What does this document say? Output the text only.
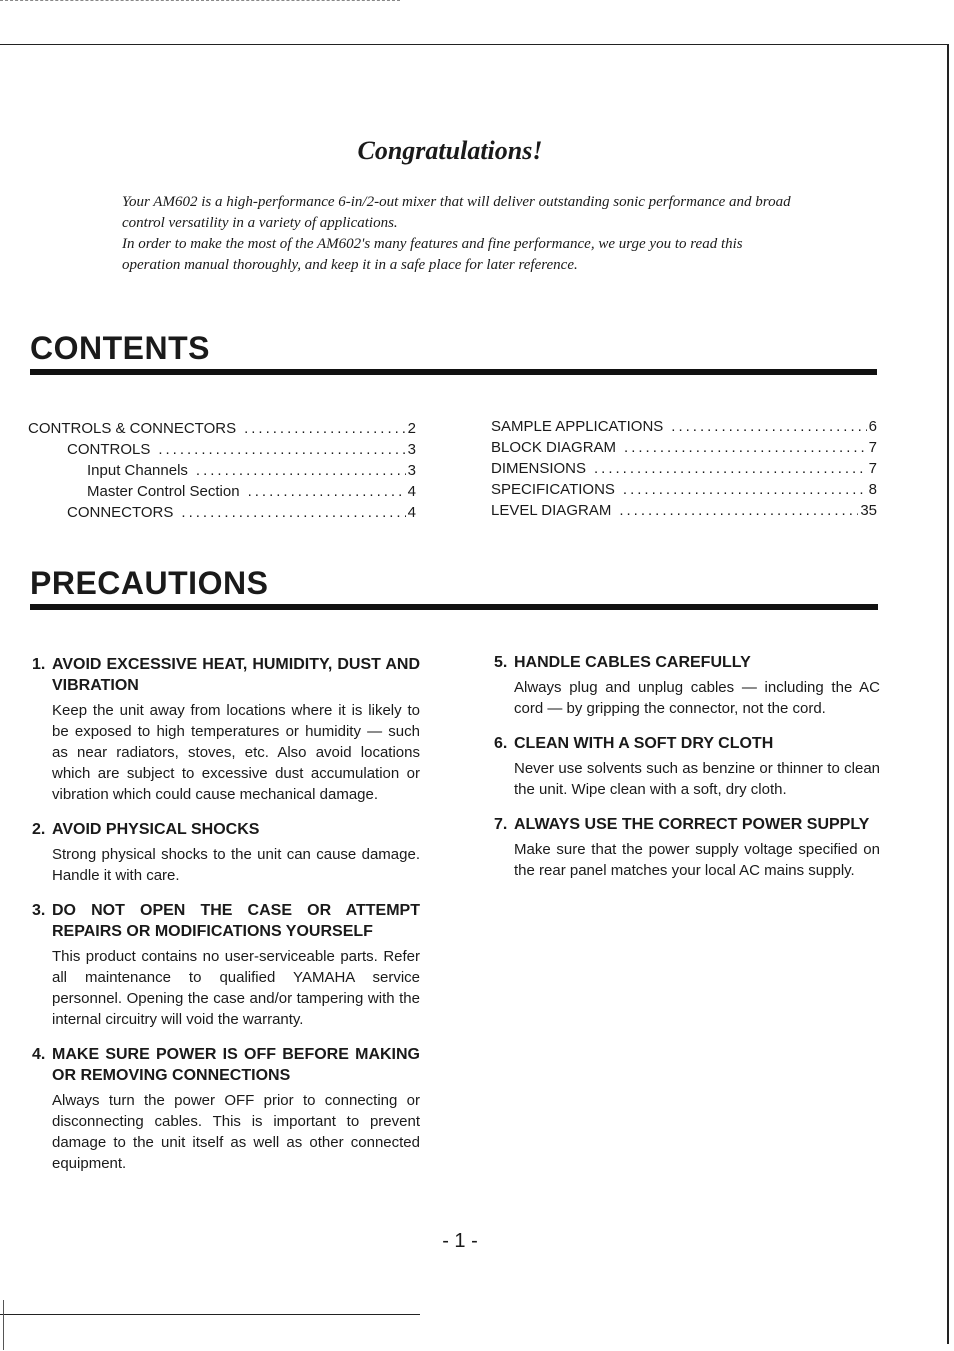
Congratulations!

Your AM602 is a high-performance 6-in/2-out mixer that will deliver outstanding sonic performance and broad control versatility in a variety of applications.

In order to make the most of the AM602's many features and fine performance, we urge you to read this operation manual thoroughly, and keep it in a safe place for later reference.

CONTENTS
CONTROLS & CONNECTORS .....	2
CONTROLS .....	3
Input Channels .....	3
Master Control Section .....	4
CONNECTORS .....	4
SAMPLE APPLICATIONS .....	6
BLOCK DIAGRAM .....	7
DIMENSIONS .....	7
SPECIFICATIONS .....	8
LEVEL DIAGRAM .....	35
PRECAUTIONS
1. AVOID EXCESSIVE HEAT, HUMIDITY, DUST AND VIBRATION
Keep the unit away from locations where it is likely to be exposed to high temperatures or humidity — such as near radiators, stoves, etc. Also avoid locations which are subject to excessive dust accumulation or vibration which could cause mechanical damage.
2. AVOID PHYSICAL SHOCKS
Strong physical shocks to the unit can cause damage. Handle it with care.
3. DO NOT OPEN THE CASE OR ATTEMPT REPAIRS OR MODIFICATIONS YOURSELF
This product contains no user-serviceable parts. Refer all maintenance to qualified YAMAHA service personnel. Opening the case and/or tampering with the internal circuitry will void the warranty.
4. MAKE SURE POWER IS OFF BEFORE MAKING OR REMOVING CONNECTIONS
Always turn the power OFF prior to connecting or disconnecting cables. This is important to prevent damage to the unit itself as well as other connected equipment.
5. HANDLE CABLES CAREFULLY
Always plug and unplug cables — including the AC cord — by gripping the connector, not the cord.
6. CLEAN WITH A SOFT DRY CLOTH
Never use solvents such as benzine or thinner to clean the unit. Wipe clean with a soft, dry cloth.
7. ALWAYS USE THE CORRECT POWER SUPPLY
Make sure that the power supply voltage specified on the rear panel matches your local AC mains supply.
- 1 -
